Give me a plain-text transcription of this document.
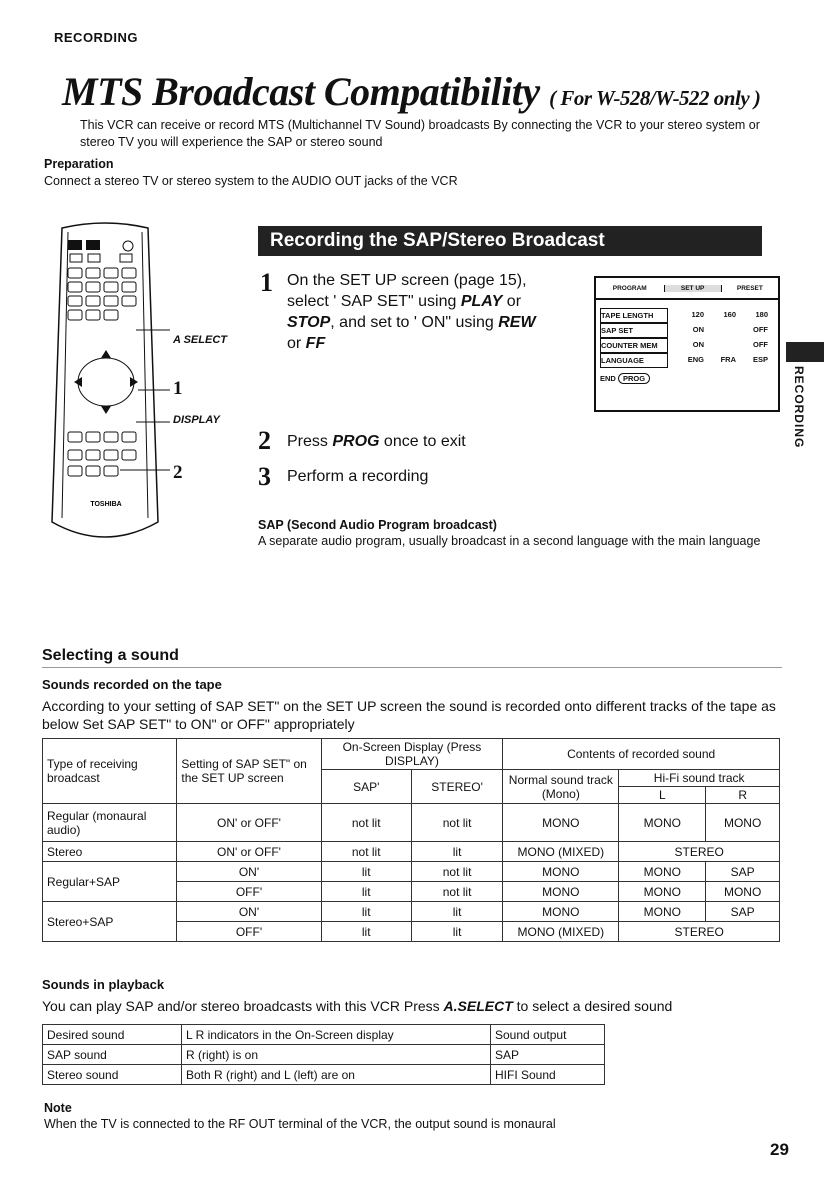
RECORDING
MTS Broadcast Compatibility ( For W-528/W-522 only )
This VCR can receive or record MTS (Multichannel TV Sound) broadcasts By connecting the VCR to your stereo system or stereo TV you will experience the SAP or stereo sound
Preparation
Connect a stereo TV or stereo system to the AUDIO OUT jacks of the VCR
TOSHIBA
A SELECT
1
DISPLAY
2
Recording the SAP/Stereo Broadcast
1 On the SET UP screen (page 15),
select ' SAP SET" using PLAY or
STOP, and set to ' ON" using REW
or FF
2 Press PROG once to exit
3 Perform a recording
PROGRAM	SET UP	PRESET
TAPE LENGTH	120	160	180
SAP SET	ON	OFF
COUNTER MEM	ON	OFF
LANGUAGE	ENG	FRA	ESP
END PROG	RECORDING
SAP (Second Audio Program broadcast)
A separate audio program, usually broadcast in a second language with the main language
Selecting a sound
Sounds recorded on the tape
According to your setting of SAP SET" on the SET UP screen the sound is recorded onto different tracks of the tape as below Set SAP SET" to ON" or OFF" appropriately
Type of receiving broadcast	Setting of SAP SET" on the SET UP screen	On-Screen Display (Press DISPLAY)		Contents of recorded sound		
		SAP'	STEREO'	Normal sound track (Mono)	Hi-Fi sound track	
					L	R
Regular (monaural audio)	ON' or OFF'	not lit	not lit	MONO	MONO	MONO
Stereo	ON' or OFF'	not lit	lit	MONO (MIXED)	STEREO	
Regular+SAP	ON'	lit	not lit	MONO	MONO	SAP
	OFF'	lit	not lit	MONO	MONO	MONO
Stereo+SAP	ON'	lit	lit	MONO	MONO	SAP
	OFF'	lit	lit	MONO (MIXED)	STEREO	
Sounds in playback
You can play SAP and/or stereo broadcasts with this VCR Press A.SELECT to select a desired sound
Desired sound	L R indicators in the On-Screen display	Sound output
SAP sound	R (right) is on	SAP
Stereo sound	Both R (right) and L (left) are on	HIFI Sound
Note
When the TV is connected to the RF OUT terminal of the VCR, the output sound is monaural
29
